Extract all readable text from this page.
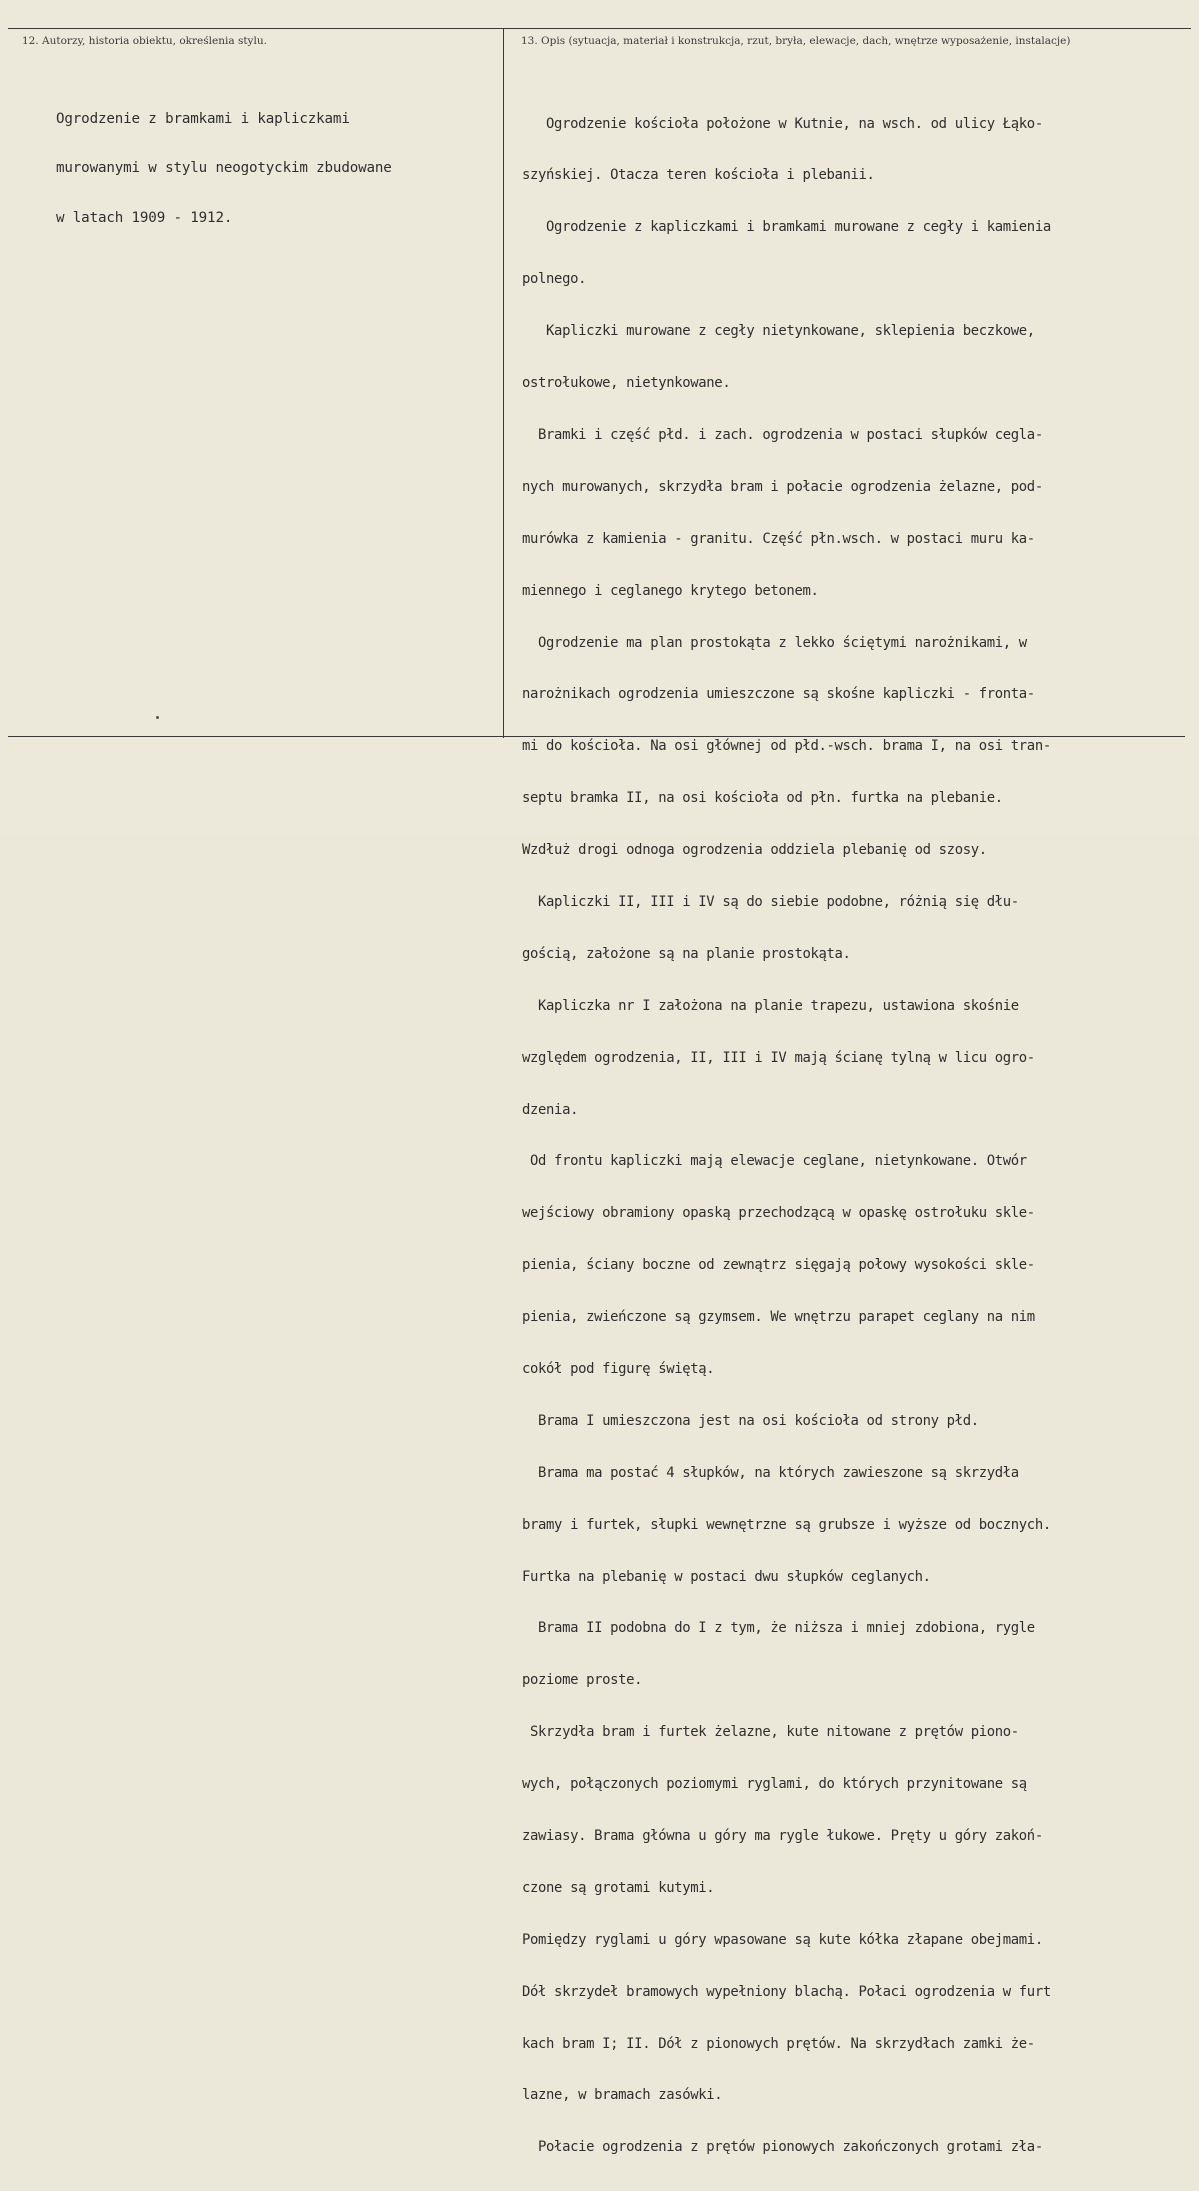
12. Autorzy, historia obiektu, określenia stylu.	13. Opis (sytuacja, materiał i konstrukcja, rzut, bryła, elewacje, dach, wnętrze wyposażenie, instalacje)

Ogrodzenie z bramkami i kapliczkami

murowanymi w stylu neogotyckim zbudowane

w latach 1909 - 1912.

Ogrodzenie kościoła położone w Kutnie, na wsch. od ulicy Łąko-

szyńskiej. Otacza teren kościoła i plebanii.

Ogrodzenie z kapliczkami i bramkami murowane z cegły i kamienia

polnego.

Kapliczki murowane z cegły nietynkowane, sklepienia beczkowe,

ostrołukowe, nietynkowane.

Bramki i część płd. i zach. ogrodzenia w postaci słupków cegla-

nych murowanych, skrzydła bram i połacie ogrodzenia żelazne, pod-

murówka z kamienia - granitu. Część płn.wsch. w postaci muru ka-

miennego i ceglanego krytego betonem.

Ogrodzenie ma plan prostokąta z lekko ściętymi narożnikami, w

narożnikach ogrodzenia umieszczone są skośne kapliczki - fronta-

mi do kościoła. Na osi głównej od płd.-wsch. brama I, na osi tran-

septu bramka II, na osi kościoła od płn. furtka na plebanie.

Wzdłuż drogi odnoga ogrodzenia oddziela plebanię od szosy.

Kapliczki II, III i IV są do siebie podobne, różnią się dłu-

gością, założone są na planie prostokąta.

Kapliczka nr I założona na planie trapezu, ustawiona skośnie

względem ogrodzenia, II, III i IV mają ścianę tylną w licu ogro-

dzenia.

Od frontu kapliczki mają elewacje ceglane, nietynkowane. Otwór

wejściowy obramiony opaską przechodzącą w opaskę ostrołuku skle-

pienia, ściany boczne od zewnątrz sięgają połowy wysokości skle-

pienia, zwieńczone są gzymsem. We wnętrzu parapet ceglany na nim

cokół pod figurę świętą.

Brama I umieszczona jest na osi kościoła od strony płd.

Brama ma postać 4 słupków, na których zawieszone są skrzydła

bramy i furtek, słupki wewnętrzne są grubsze i wyższe od bocznych.

Furtka na plebanię w postaci dwu słupków ceglanych.

Brama II podobna do I z tym, że niższa i mniej zdobiona, rygle

poziome proste.

Skrzydła bram i furtek żelazne, kute nitowane z prętów piono-

wych, połączonych poziomymi ryglami, do których przynitowane są

zawiasy. Brama główna u góry ma rygle łukowe. Pręty u góry zakoń-

czone są grotami kutymi.

Pomiędzy ryglami u góry wpasowane są kute kółka złapane obejmami.

Dół skrzydeł bramowych wypełniony blachą. Połaci ogrodzenia w furt

kach bram I; II. Dół z pionowych prętów. Na skrzydłach zamki że-

lazne, w bramach zasówki.

Połacie ogrodzenia z prętów pionowych zakończonych grotami zła-
